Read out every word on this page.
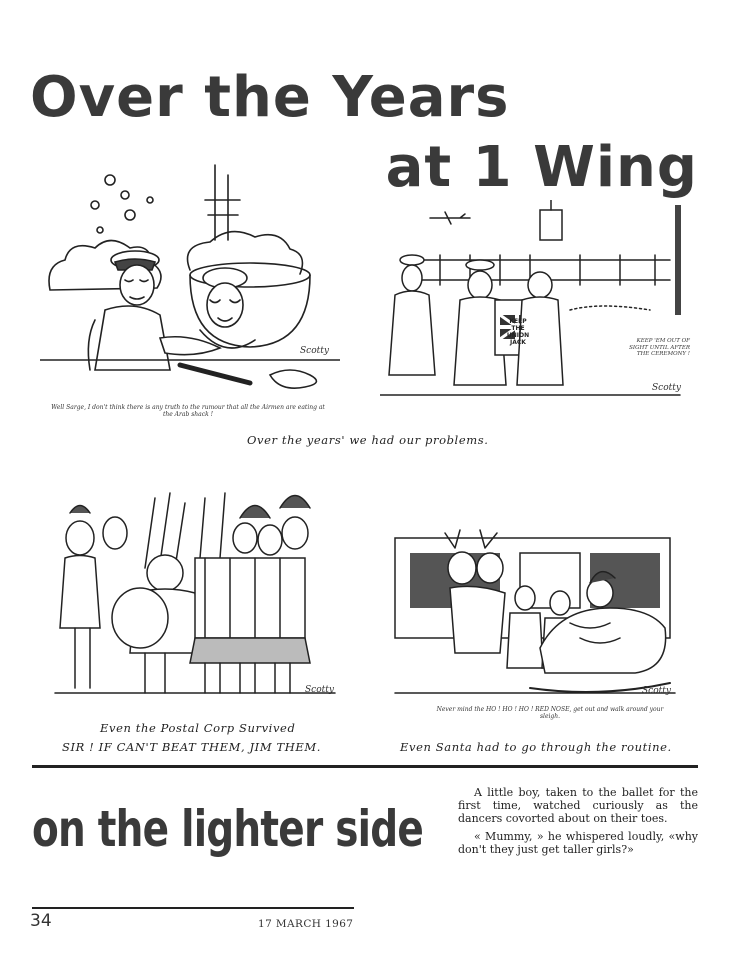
Over the Years
at 1 Wing
Well Sarge, I don't think there is any truth to the rumour that all the Airmen are eating at the Arab shack !
KEEP THE UNION JACK	KEEP 'EM OUT OF SIGHT UNTIL AFTER THE CEREMONY !
Over the years' we had our problems.
Never mind the HO ! HO ! HO ! RED NOSE, get out and walk around your sleigh.
Scotty
Scotty
Scotty	Scotty
Even the Postal Corp Survived
SIR ! IF CAN'T BEAT THEM, JIM THEM.	Even Santa had to go through the routine.
on the lighter side

A little boy, taken to the ballet for the first time, watched curiously as the dancers covorted about on their toes.

« Mummy, » he whispered loudly, «why don't they just get taller girls?»

34	17 MARCH 1967
